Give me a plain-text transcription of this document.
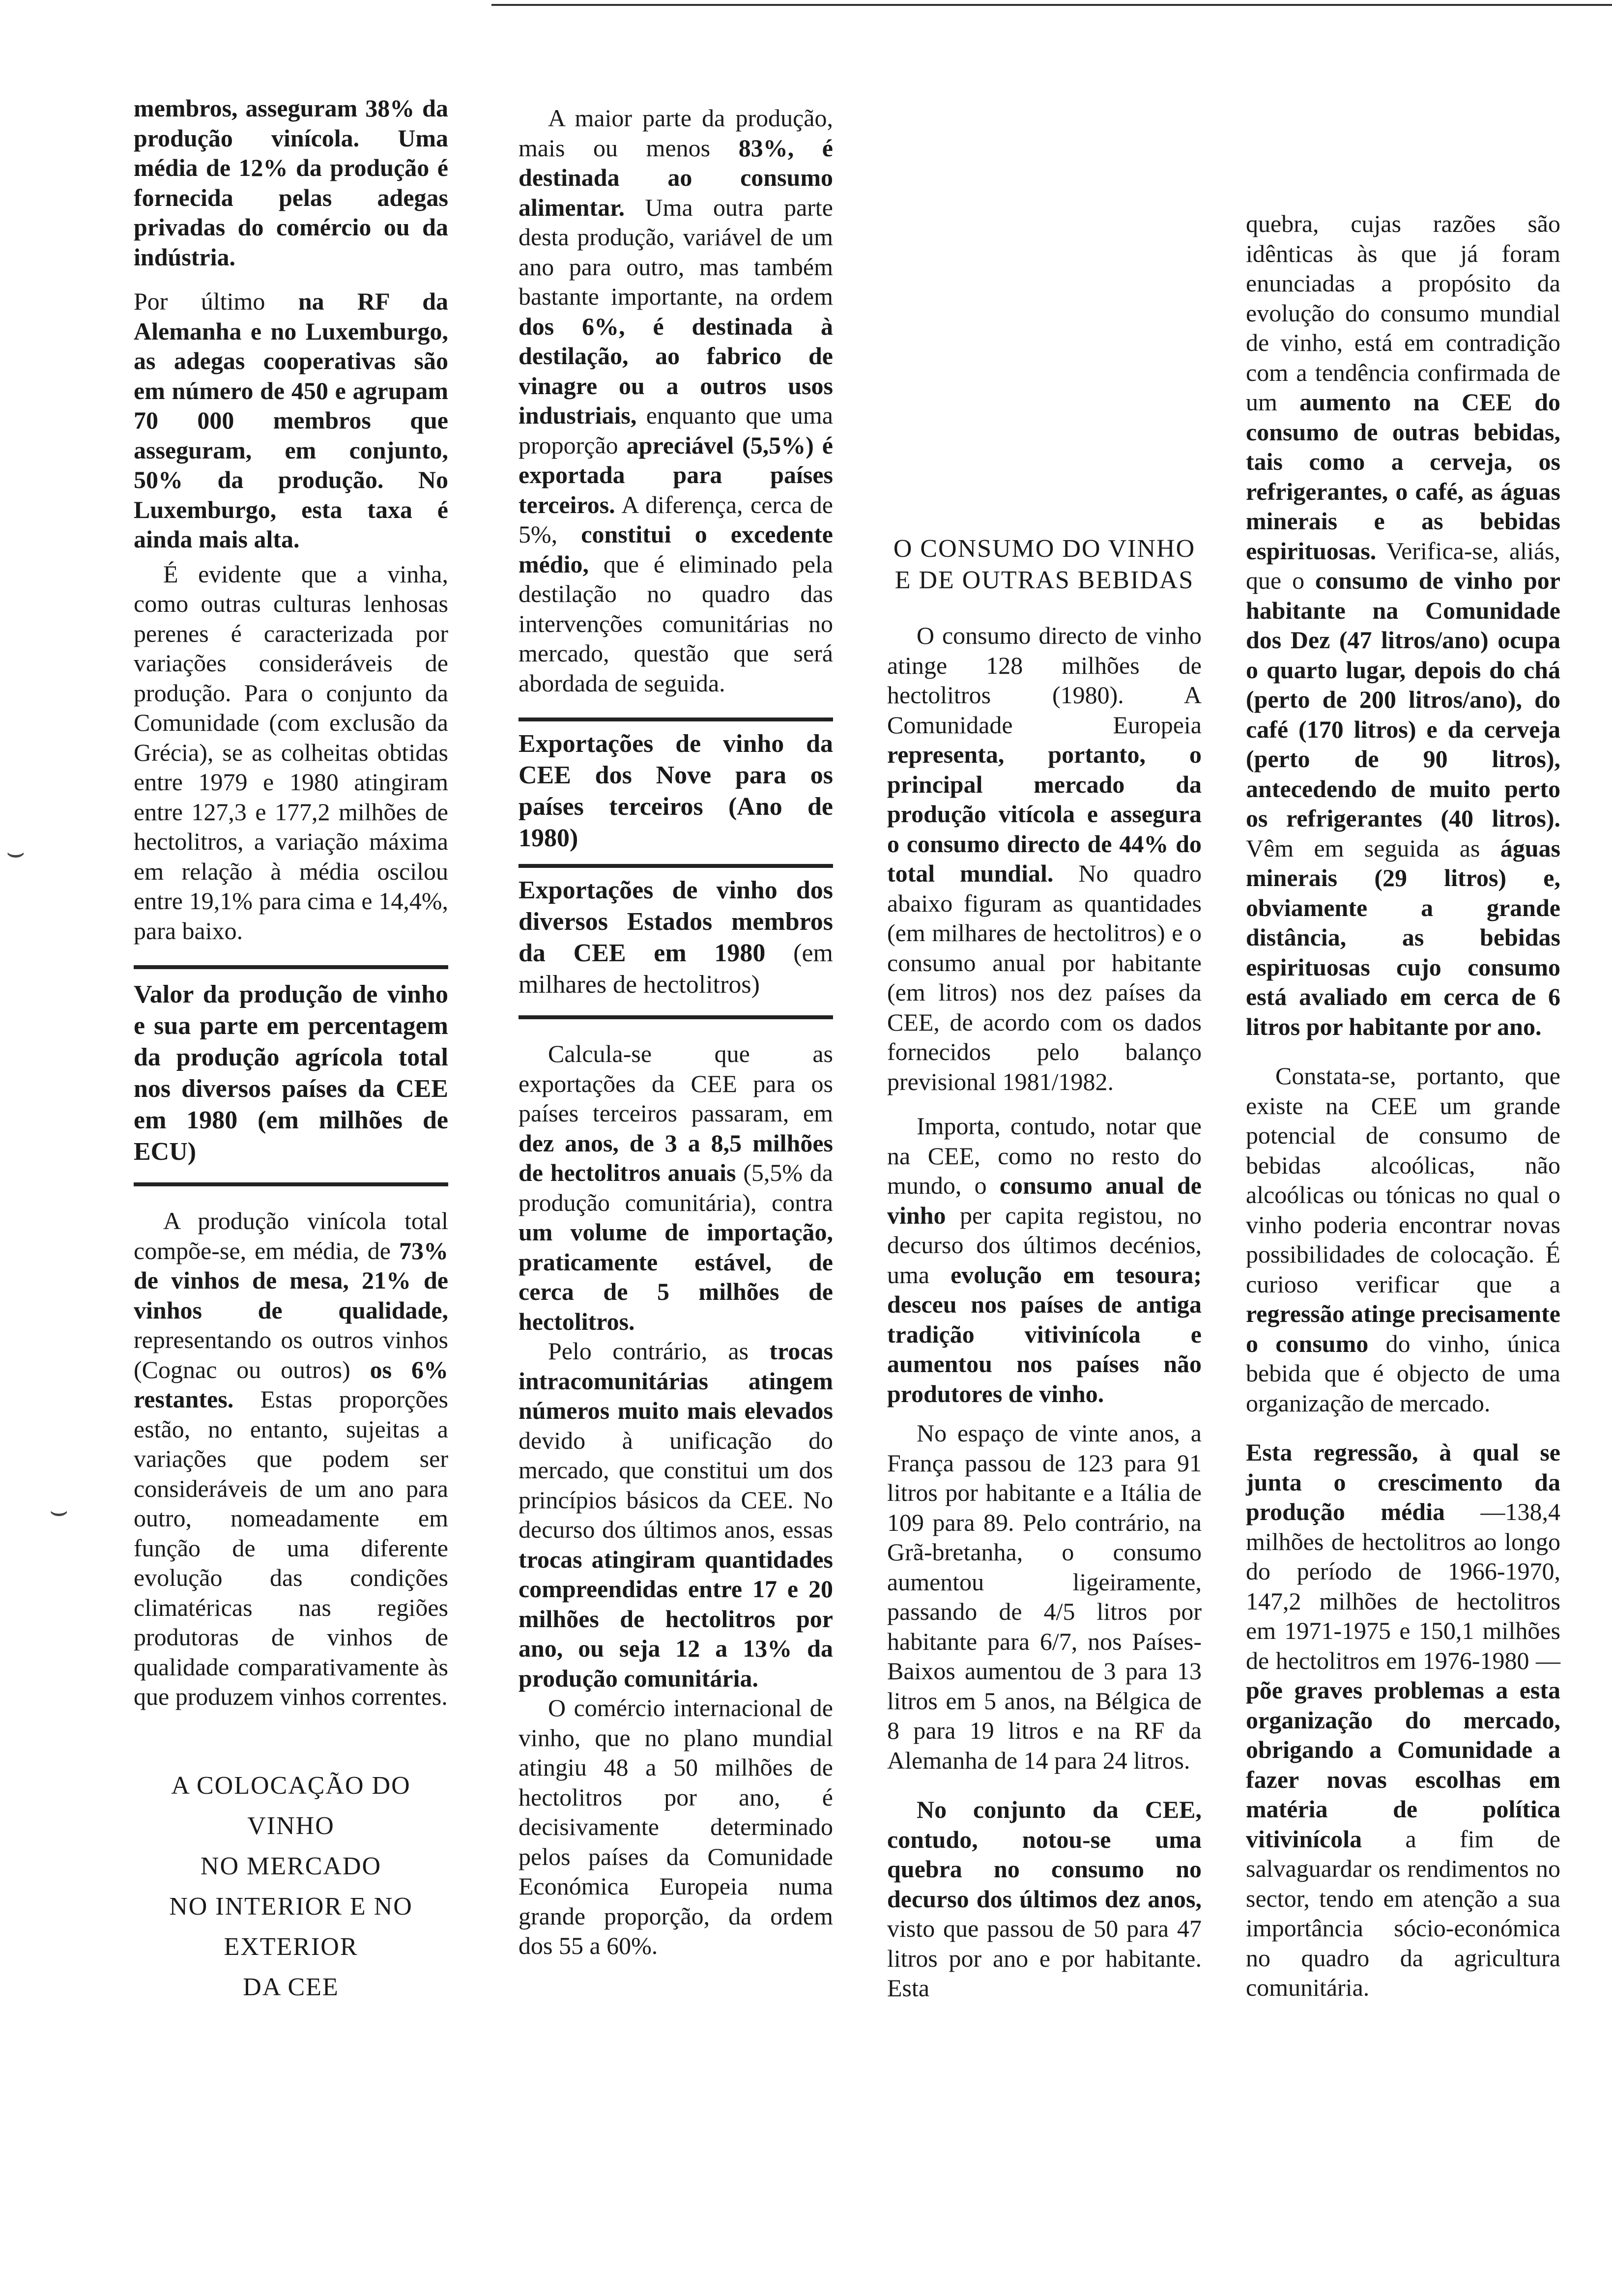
membros, asseguram 38% da produção vinícola. Uma média de 12% da produção é fornecida pelas adegas privadas do comércio ou da indústria.

Por último na RF da Alemanha e no Luxemburgo, as adegas cooperativas são em número de 450 e agrupam 70 000 membros que asseguram, em conjunto, 50% da produção. No Luxemburgo, esta taxa é ainda mais alta.

É evidente que a vinha, como outras culturas lenhosas perenes é caracterizada por variações consideráveis de produção. Para o conjunto da Comunidade (com exclusão da Grécia), se as colheitas obtidas entre 1979 e 1980 atingiram entre 127,3 e 177,2 milhões de hectolitros, a variação máxima em relação à média oscilou entre 19,1% para cima e 14,4%, para baixo.

Valor da produção de vinho e sua parte em percentagem da produção agrícola total nos diversos países da CEE em 1980 (em milhões de ECU)

A produção vinícola total compõe-se, em média, de 73% de vinhos de mesa, 21% de vinhos de qualidade, representando os outros vinhos (Cognac ou outros) os 6% restantes. Estas proporções estão, no entanto, sujeitas a variações que podem ser consideráveis de um ano para outro, nomeadamente em função de uma diferente evolução das condições climatéricas nas regiões produtoras de vinhos de qualidade comparativamente às que produzem vinhos correntes.

A COLOCAÇÃO DO

VINHO

NO MERCADO

NO INTERIOR E NO

EXTERIOR

DA CEE

A maior parte da produção, mais ou menos 83%, é destinada ao consumo alimentar. Uma outra parte desta produção, variável de um ano para outro, mas também bastante importante, na ordem dos 6%, é destinada à destilação, ao fabrico de vinagre ou a outros usos industriais, enquanto que uma proporção apreciável (5,5%) é exportada para países terceiros. A diferença, cerca de 5%, constitui o excedente médio, que é eliminado pela destilação no quadro das intervenções comunitárias no mercado, questão que será abordada de seguida.

Exportações de vinho da CEE dos Nove para os países terceiros (Ano de 1980)

Exportações de vinho dos diversos Estados membros da CEE em 1980 (em milhares de hectolitros)

Calcula-se que as exportações da CEE para os países terceiros passaram, em dez anos, de 3 a 8,5 milhões de hectolitros anuais (5,5% da produção comunitária), contra um volume de importação, praticamente estável, de cerca de 5 milhões de hectolitros.

Pelo contrário, as trocas intracomunitárias atingem números muito mais elevados devido à unificação do mercado, que constitui um dos princípios básicos da CEE. No decurso dos últimos anos, essas trocas atingiram quantidades compreendidas entre 17 e 20 milhões de hectolitros por ano, ou seja 12 a 13% da produção comunitária.

O comércio internacional de vinho, que no plano mundial atingiu 48 a 50 milhões de hectolitros por ano, é decisivamente determinado pelos países da Comunidade Económica Europeia numa grande proporção, da ordem dos 55 a 60%.

O CONSUMO DO VINHO

E DE OUTRAS BEBIDAS

O consumo directo de vinho atinge 128 milhões de hectolitros (1980). A Comunidade Europeia representa, portanto, o principal mercado da produção vitícola e assegura o consumo directo de 44% do total mundial. No quadro abaixo figuram as quantidades (em milhares de hectolitros) e o consumo anual por habitante (em litros) nos dez países da CEE, de acordo com os dados fornecidos pelo balanço previsional 1981/1982.

Importa, contudo, notar que na CEE, como no resto do mundo, o consumo anual de vinho per capita registou, no decurso dos últimos decénios, uma evolução em tesoura; desceu nos países de antiga tradição vitivinícola e aumentou nos países não produtores de vinho.

No espaço de vinte anos, a França passou de 123 para 91 litros por habitante e a Itália de 109 para 89. Pelo contrário, na Grã-bretanha, o consumo aumentou ligeiramente, passando de 4/5 litros por habitante para 6/7, nos Países-Baixos aumentou de 3 para 13 litros em 5 anos, na Bélgica de 8 para 19 litros e na RF da Alemanha de 14 para 24 litros.

No conjunto da CEE, contudo, notou-se uma quebra no consumo no decurso dos últimos dez anos, visto que passou de 50 para 47 litros por ano e por habitante. Esta

quebra, cujas razões são idênticas às que já foram enunciadas a propósito da evolução do consumo mundial de vinho, está em contradição com a tendência confirmada de um aumento na CEE do consumo de outras bebidas, tais como a cerveja, os refrigerantes, o café, as águas minerais e as bebidas espirituosas. Verifica-se, aliás, que o consumo de vinho por habitante na Comunidade dos Dez (47 litros/ano) ocupa o quarto lugar, depois do chá (perto de 200 litros/ano), do café (170 litros) e da cerveja (perto de 90 litros), antecedendo de muito perto os refrigerantes (40 litros). Vêm em seguida as águas minerais (29 litros) e, obviamente a grande distância, as bebidas espirituosas cujo consumo está avaliado em cerca de 6 litros por habitante por ano.

Constata-se, portanto, que existe na CEE um grande potencial de consumo de bebidas alcoólicas, não alcoólicas ou tónicas no qual o vinho poderia encontrar novas possibilidades de colocação. É curioso verificar que a regressão atinge precisamente o consumo do vinho, única bebida que é objecto de uma organização de mercado.

Esta regressão, à qual se junta o crescimento da produção média —138,4 milhões de hectolitros ao longo do período de 1966-1970, 147,2 milhões de hectolitros em 1971-1975 e 150,1 milhões de hectolitros em 1976-1980 — põe graves problemas a esta organização do mercado, obrigando a Comunidade a fazer novas escolhas em matéria de política vitivinícola a fim de salvaguardar os rendimentos no sector, tendo em atenção a sua importância sócio-económica no quadro da agricultura comunitária.

⌣
⌣
